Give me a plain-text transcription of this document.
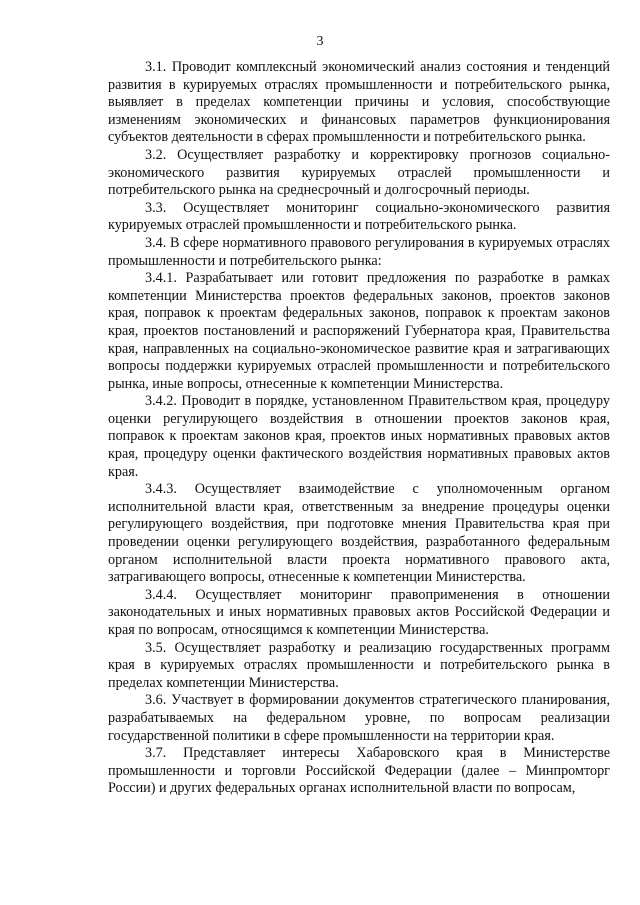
3

3.1. Проводит комплексный экономический анализ состояния и тенденций развития в курируемых отраслях промышленности и потребительского рынка, выявляет в пределах компетенции причины и условия, способствующие изменениям экономических и финансовых параметров функционирования субъектов деятельности в сферах промышленности и потребительского рынка.

3.2. Осуществляет разработку и корректировку прогнозов социально-экономического развития курируемых отраслей промышленности и потребительского рынка на среднесрочный и долгосрочный периоды.

3.3. Осуществляет мониторинг социально-экономического развития курируемых отраслей промышленности и потребительского рынка.

3.4. В сфере нормативного правового регулирования в курируемых отраслях промышленности и потребительского рынка:

3.4.1. Разрабатывает или готовит предложения по разработке в рамках компетенции Министерства проектов федеральных законов, проектов законов края, поправок к проектам федеральных законов, поправок к проектам законов края, проектов постановлений и распоряжений Губернатора края, Правительства края, направленных на социально-экономическое развитие края и затрагивающих вопросы поддержки курируемых отраслей промышленности и потребительского рынка, иные вопросы, отнесенные к компетенции Министерства.

3.4.2. Проводит в порядке, установленном Правительством края, процедуру оценки регулирующего воздействия в отношении проектов законов края, поправок к проектам законов края, проектов иных нормативных правовых актов края, процедуру оценки фактического воздействия нормативных правовых актов края.

3.4.3. Осуществляет взаимодействие с уполномоченным органом исполнительной власти края, ответственным за внедрение процедуры оценки регулирующего воздействия, при подготовке мнения Правительства края при проведении оценки регулирующего воздействия, разработанного федеральным органом исполнительной власти проекта нормативного правового акта, затрагивающего вопросы, отнесенные к компетенции Министерства.

3.4.4. Осуществляет мониторинг правоприменения в отношении законодательных и иных нормативных правовых актов Российской Федерации и края по вопросам, относящимся к компетенции Министерства.

3.5. Осуществляет разработку и реализацию государственных программ края в курируемых отраслях промышленности и потребительского рынка в пределах компетенции Министерства.

3.6. Участвует в формировании документов стратегического планирования, разрабатываемых на федеральном уровне, по вопросам реализации государственной политики в сфере промышленности на территории края.

3.7. Представляет интересы Хабаровского края в Министерстве промышленности и торговли Российской Федерации (далее – Минпромторг России) и других федеральных органах исполнительной власти по вопросам,
